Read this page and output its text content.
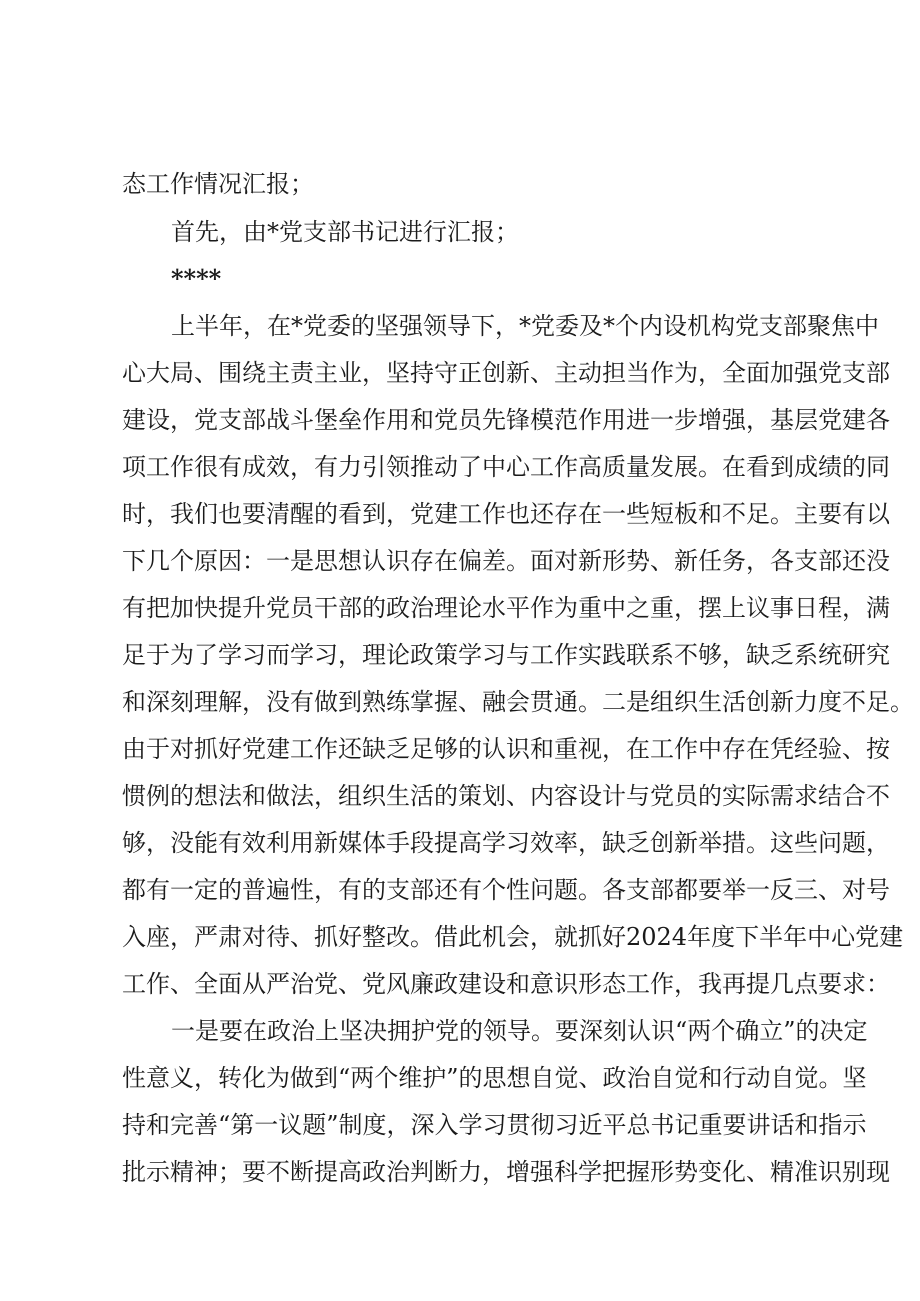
态工作情况汇报；
首先，由*党支部书记进行汇报；
****
上半年，在*党委的坚强领导下，*党委及*个内设机构党支部聚焦中
心大局、围绕主责主业，坚持守正创新、主动担当作为，全面加强党支部
建设，党支部战斗堡垒作用和党员先锋模范作用进一步增强，基层党建各
项工作很有成效，有力引领推动了中心工作高质量发展。在看到成绩的同
时，我们也要清醒的看到，党建工作也还存在一些短板和不足。主要有以
下几个原因：一是思想认识存在偏差。面对新形势、新任务，各支部还没
有把加快提升党员干部的政治理论水平作为重中之重，摆上议事日程，满
足于为了学习而学习，理论政策学习与工作实践联系不够，缺乏系统研究
和深刻理解，没有做到熟练掌握、融会贯通。二是组织生活创新力度不足。
由于对抓好党建工作还缺乏足够的认识和重视，在工作中存在凭经验、按
惯例的想法和做法，组织生活的策划、内容设计与党员的实际需求结合不
够，没能有效利用新媒体手段提高学习效率，缺乏创新举措。这些问题，
都有一定的普遍性，有的支部还有个性问题。各支部都要举一反三、对号
入座，严肃对待、抓好整改。借此机会，就抓好2024年度下半年中心党建
工作、全面从严治党、党风廉政建设和意识形态工作，我再提几点要求：
一是要在政治上坚决拥护党的领导。要深刻认识“两个确立”的决定
性意义，转化为做到“两个维护”的思想自觉、政治自觉和行动自觉。坚
持和完善“第一议题”制度，深入学习贯彻习近平总书记重要讲话和指示
批示精神；要不断提高政治判断力，增强科学把握形势变化、精准识别现
